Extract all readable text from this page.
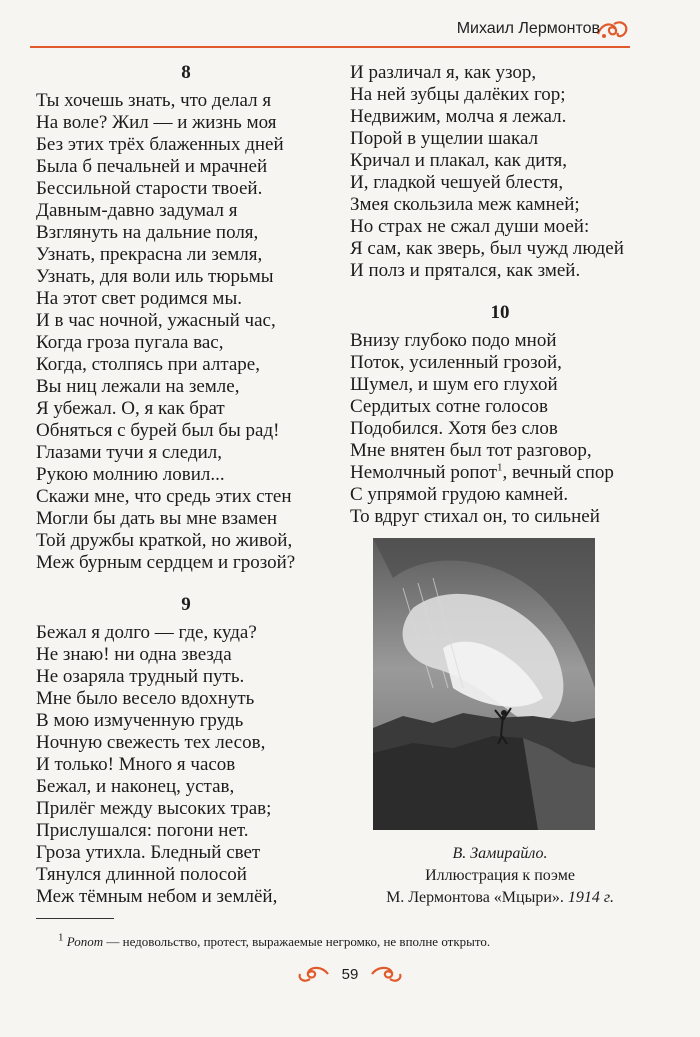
Михаил Лермонтов
8
Ты хочешь знать, что делал я
На воле? Жил — и жизнь моя
Без этих трёх блаженных дней
Была б печальней и мрачней
Бессильной старости твоей.
Давным-давно задумал я
Взглянуть на дальние поля,
Узнать, прекрасна ли земля,
Узнать, для воли иль тюрьмы
На этот свет родимся мы.
И в час ночной, ужасный час,
Когда гроза пугала вас,
Когда, столпясь при алтаре,
Вы ниц лежали на земле,
Я убежал. О, я как брат
Обняться с бурей был бы рад!
Глазами тучи я следил,
Рукою молнию ловил...
Скажи мне, что средь этих стен
Могли бы дать вы мне взамен
Той дружбы краткой, но живой,
Меж бурным сердцем и грозой?
9
Бежал я долго — где, куда?
Не знаю! ни одна звезда
Не озаряла трудный путь.
Мне было весело вдохнуть
В мою измученную грудь
Ночную свежесть тех лесов,
И только! Много я часов
Бежал, и наконец, устав,
Прилёг между высоких трав;
Прислушался: погони нет.
Гроза утихла. Бледный свет
Тянулся длинной полосой
Меж тёмным небом и землёй,
И различал я, как узор,
На ней зубцы далёких гор;
Недвижим, молча я лежал.
Порой в ущелии шакал
Кричал и плакал, как дитя,
И, гладкой чешуей блестя,
Змея скользила меж камней;
Но страх не сжал души моей:
Я сам, как зверь, был чужд людей
И полз и прятался, как змей.
10
Внизу глубоко подо мной
Поток, усиленный грозой,
Шумел, и шум его глухой
Сердитых сотне голосов
Подобился. Хотя без слов
Мне внятен был тот разговор,
Немолчный ропот$^1$, вечный спор
С упрямой грудою камней.
То вдруг стихал он, то сильней
В. Замирайло.
Иллюстрация к поэме
М. Лермонтова «Мцыри». 1914 г.
$^1$ Ропот — недовольство, протест, выражаемые негромко, не вполне открыто.
59
